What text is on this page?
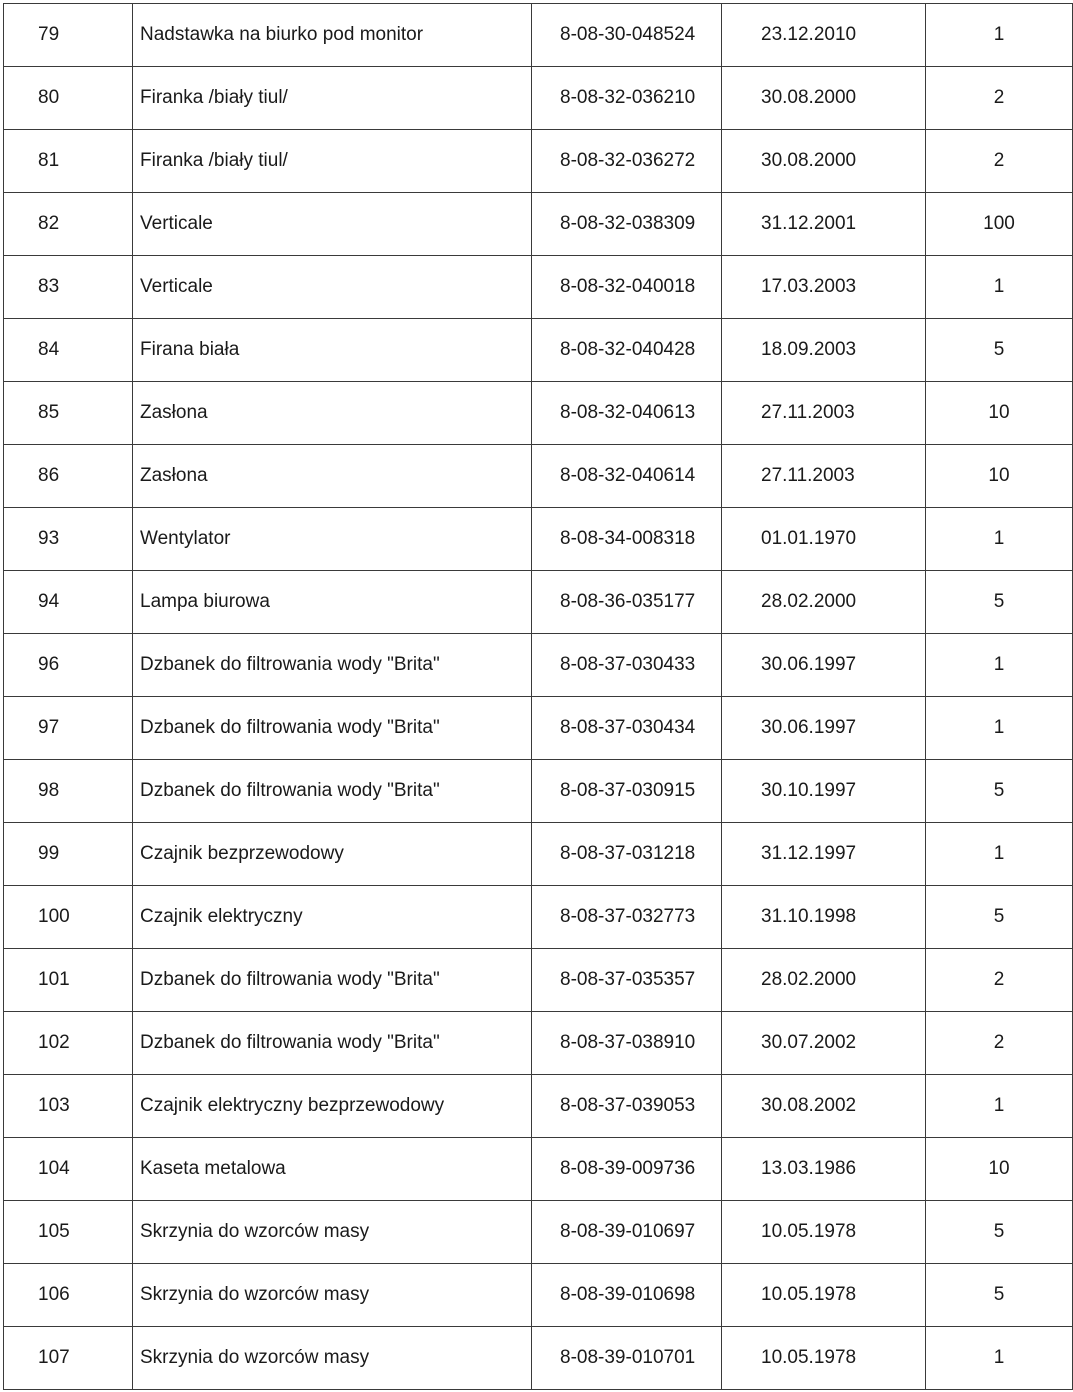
79	Nadstawka na biurko pod monitor	8-08-30-048524	23.12.2010	1
80	Firanka /biały tiul/	8-08-32-036210	30.08.2000	2
81	Firanka /biały tiul/	8-08-32-036272	30.08.2000	2
82	Verticale	8-08-32-038309	31.12.2001	100
83	Verticale	8-08-32-040018	17.03.2003	1
84	Firana biała	8-08-32-040428	18.09.2003	5
85	Zasłona	8-08-32-040613	27.11.2003	10
86	Zasłona	8-08-32-040614	27.11.2003	10
93	Wentylator	8-08-34-008318	01.01.1970	1
94	Lampa biurowa	8-08-36-035177	28.02.2000	5
96	Dzbanek do filtrowania wody "Brita"	8-08-37-030433	30.06.1997	1
97	Dzbanek do filtrowania wody "Brita"	8-08-37-030434	30.06.1997	1
98	Dzbanek do filtrowania wody "Brita"	8-08-37-030915	30.10.1997	5
99	Czajnik bezprzewodowy	8-08-37-031218	31.12.1997	1
100	Czajnik elektryczny	8-08-37-032773	31.10.1998	5
101	Dzbanek do filtrowania wody "Brita"	8-08-37-035357	28.02.2000	2
102	Dzbanek do filtrowania wody "Brita"	8-08-37-038910	30.07.2002	2
103	Czajnik elektryczny bezprzewodowy	8-08-37-039053	30.08.2002	1
104	Kaseta metalowa	8-08-39-009736	13.03.1986	10
105	Skrzynia do wzorców masy	8-08-39-010697	10.05.1978	5
106	Skrzynia do wzorców masy	8-08-39-010698	10.05.1978	5
107	Skrzynia do wzorców masy	8-08-39-010701	10.05.1978	1
